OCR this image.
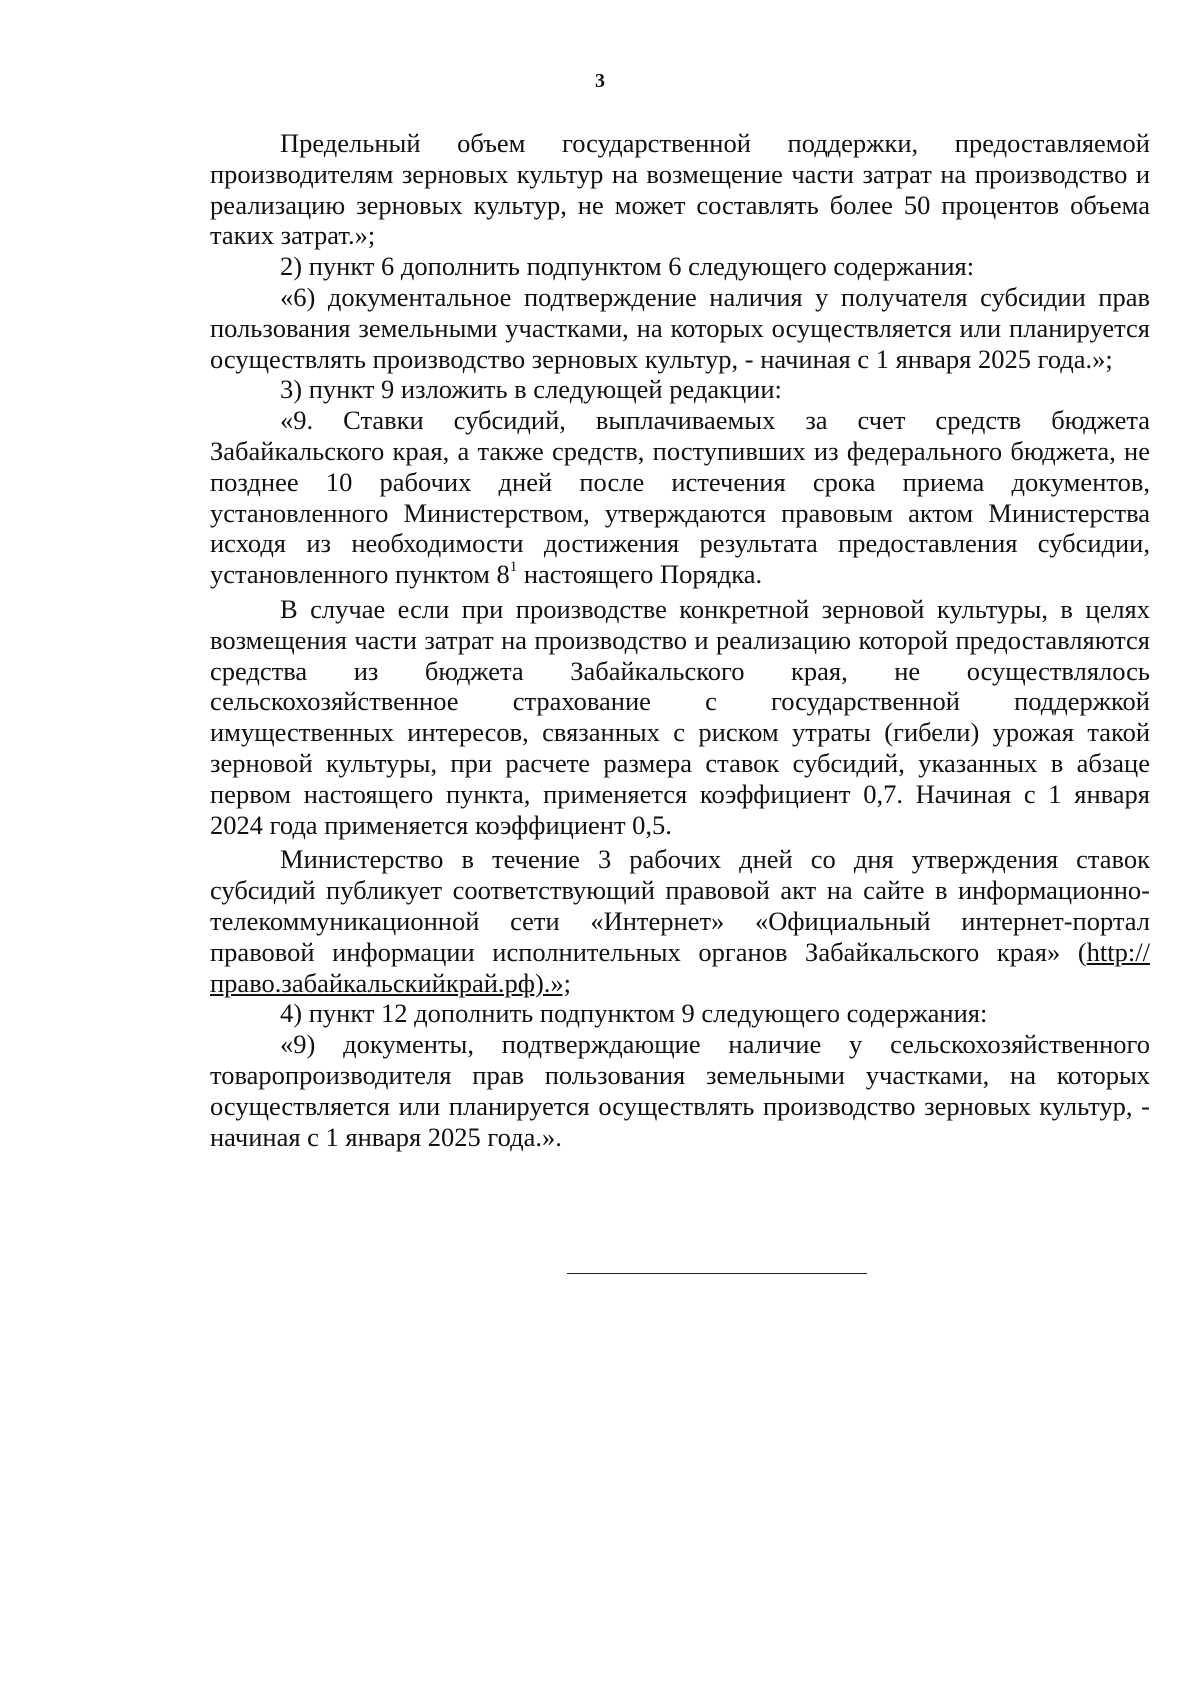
3

Предельный объем государственной поддержки, предоставляемой производителям зерновых культур на возмещение части затрат на производство и реализацию зерновых культур, не может составлять более 50 процентов объема таких затрат.»;

2) пункт 6 дополнить подпунктом 6 следующего содержания:

«6) документальное подтверждение наличия у получателя субсидии прав пользования земельными участками, на которых осуществляется или планируется осуществлять производство зерновых культур, - начиная с 1 января 2025 года.»;

3) пункт 9 изложить в следующей редакции:

«9. Ставки субсидий, выплачиваемых за счет средств бюджета Забайкальского края, а также средств, поступивших из федерального бюджета, не позднее 10 рабочих дней после истечения срока приема документов, установленного Министерством, утверждаются правовым актом Министерства исходя из необходимости достижения результата предоставления субсидии, установленного пунктом $8^1$ настоящего Порядка.

В случае если при производстве конкретной зерновой культуры, в целях возмещения части затрат на производство и реализацию которой предоставляются средства из бюджета Забайкальского края, не осуществлялось сельскохозяйственное страхование с государственной поддержкой имущественных интересов, связанных с риском утраты (гибели) урожая такой зерновой культуры, при расчете размера ставок субсидий, указанных в абзаце первом настоящего пункта, применяется коэффициент 0,7. Начиная с 1 января 2024 года применяется коэффициент 0,5.

Министерство в течение 3 рабочих дней со дня утверждения ставок субсидий публикует соответствующий правовой акт на сайте в информационно-телекоммуникационной сети «Интернет» «Официальный интернет-портал правовой информации исполнительных органов Забайкальского края» (http://право.забайкальскийкрай.рф).»;

4) пункт 12 дополнить подпунктом 9 следующего содержания:

«9) документы, подтверждающие наличие у сельскохозяйственного товаропроизводителя прав пользования земельными участками, на которых осуществляется или планируется осуществлять производство зерновых культур, - начиная с 1 января 2025 года.».
